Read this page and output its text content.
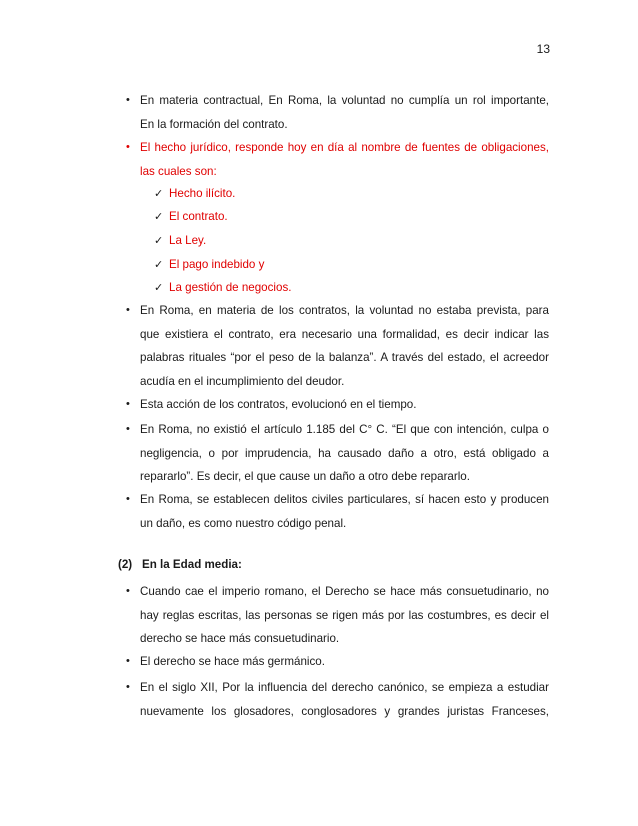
13
• En materia contractual, En Roma, la voluntad no cumplía un rol importante,
En la formación del contrato.
• El hecho jurídico, responde hoy en día al nombre de fuentes de obligaciones,
las cuales son:
✓ Hecho ilícito.
✓ El contrato.
✓ La Ley.
✓ El pago indebido y
✓ La gestión de negocios.
• En Roma, en materia de los contratos, la voluntad no estaba prevista, para
que existiera el contrato, era necesario una formalidad, es decir indicar las
palabras rituales “por el peso de la balanza”. A través del estado, el acreedor
acudía en el incumplimiento del deudor.
• Esta acción de los contratos, evolucionó en el tiempo.
• En Roma, no existió el artículo 1.185 del C° C. “El que con intención, culpa o
negligencia, o por imprudencia, ha causado daño a otro, está obligado a
repararlo”. Es decir, el que cause un daño a otro debe repararlo.
• En Roma, se establecen delitos civiles particulares, sí hacen esto y producen
un daño, es como nuestro código penal.
(2) En la Edad media:
• Cuando cae el imperio romano, el Derecho se hace más consuetudinario, no
hay reglas escritas, las personas se rigen más por las costumbres, es decir el
derecho se hace más consuetudinario.
• El derecho se hace más germánico.
• En el siglo XII, Por la influencia del derecho canónico, se empieza a estudiar
nuevamente los glosadores, conglosadores y grandes juristas Franceses,
